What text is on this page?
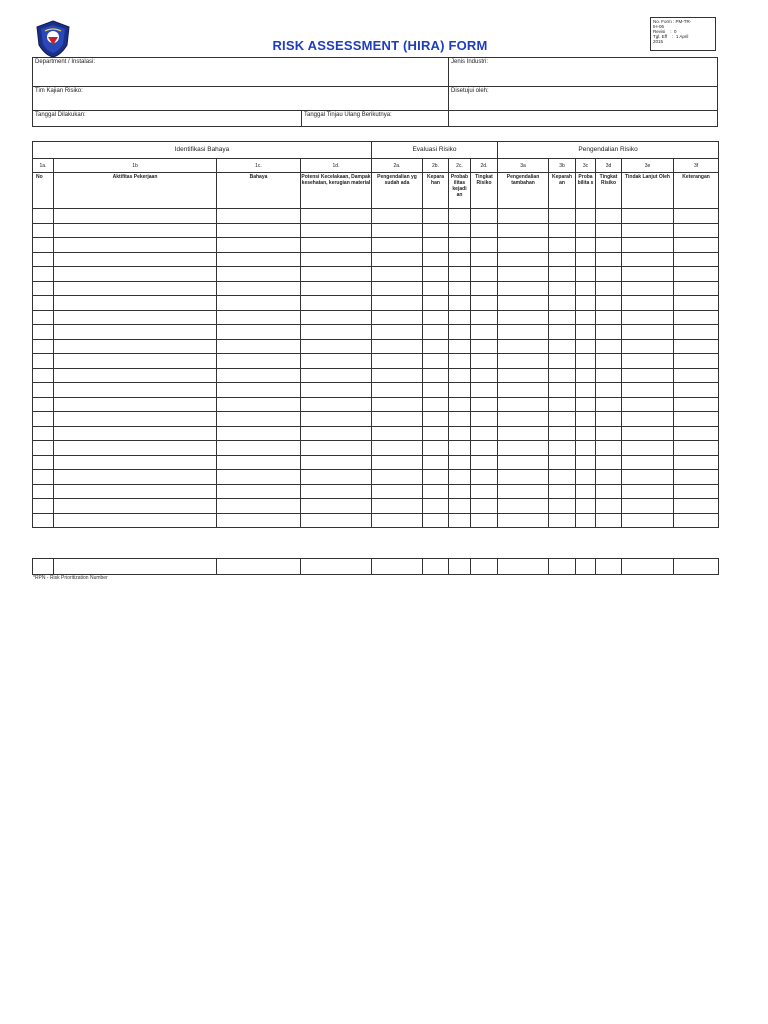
RISK ASSESSMENT (HIRA) FORM
No. Form : PM-TR-
IH-06
Revisi    :  0
Tgl. Eff    :  1 April
2015
Department / Instalasi:	Jenis Industri:
Tim Kajian Risiko:	Disetujui oleh:
Tanggal Dilakukan:	Tanggal Tinjau Ulang Berikutnya:
Identifikasi Bahaya				Evaluasi Risiko				Pengendalian Risiko					
1a.	1b	1c.	1d.	2a.	2b.	2c.	2d.	3a	3b	3c	3d	3e	3f
No	Aktifitas Pekerjaan	Bahaya	Potensi Kecelakaan, Dampak kesehatan, kerugian material	Pengendalian yg sudah ada	Kepara han	Probab ilitas kejadi an	Tingkat Risiko	Pengendalian tambahan	Keparah an	Proba bilita s	Tingkat Risiko	Tindak Lanjut Oleh	Keterangan

*RPN - Risk Prioritization Number
